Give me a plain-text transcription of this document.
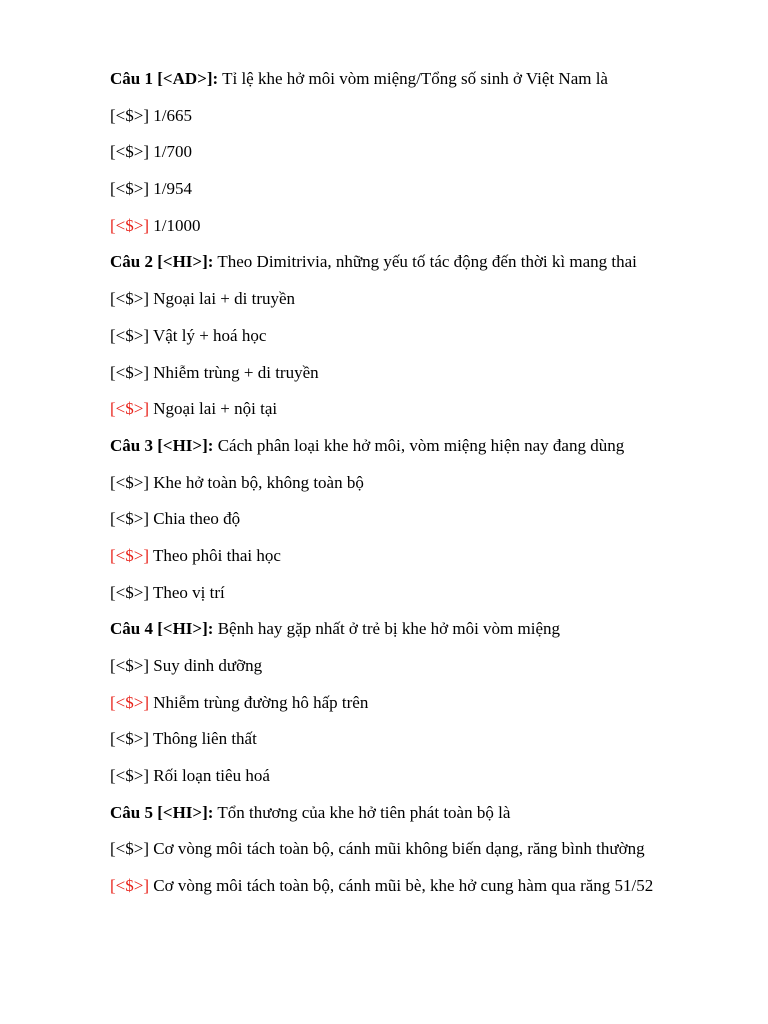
Câu 1 [<AD>]: Tỉ lệ khe hở môi vòm miệng/Tổng số sinh ở Việt Nam là
[<$>] 1/665
[<$>] 1/700
[<$>] 1/954
[<$>] 1/1000
Câu 2 [<HI>]: Theo Dimitrivia, những yếu tố tác động đến thời kì mang thai
[<$>] Ngoại lai + di truyền
[<$>] Vật lý + hoá học
[<$>] Nhiễm trùng + di truyền
[<$>] Ngoại lai + nội tại
Câu 3 [<HI>]: Cách phân loại khe hở môi, vòm miệng hiện nay đang dùng
[<$>] Khe hở toàn bộ, không toàn bộ
[<$>] Chia theo độ
[<$>] Theo phôi thai học
[<$>] Theo vị trí
Câu 4 [<HI>]: Bệnh hay gặp nhất ở trẻ bị khe hở môi vòm miệng
[<$>] Suy dinh dưỡng
[<$>] Nhiễm trùng đường hô hấp trên
[<$>] Thông liên thất
[<$>] Rối loạn tiêu hoá
Câu 5 [<HI>]: Tổn thương của khe hở tiên phát toàn bộ là
[<$>] Cơ vòng môi tách toàn bộ, cánh mũi không biến dạng, răng bình thường
[<$>] Cơ vòng môi tách toàn bộ, cánh mũi bè, khe hở cung hàm qua răng 51/52
